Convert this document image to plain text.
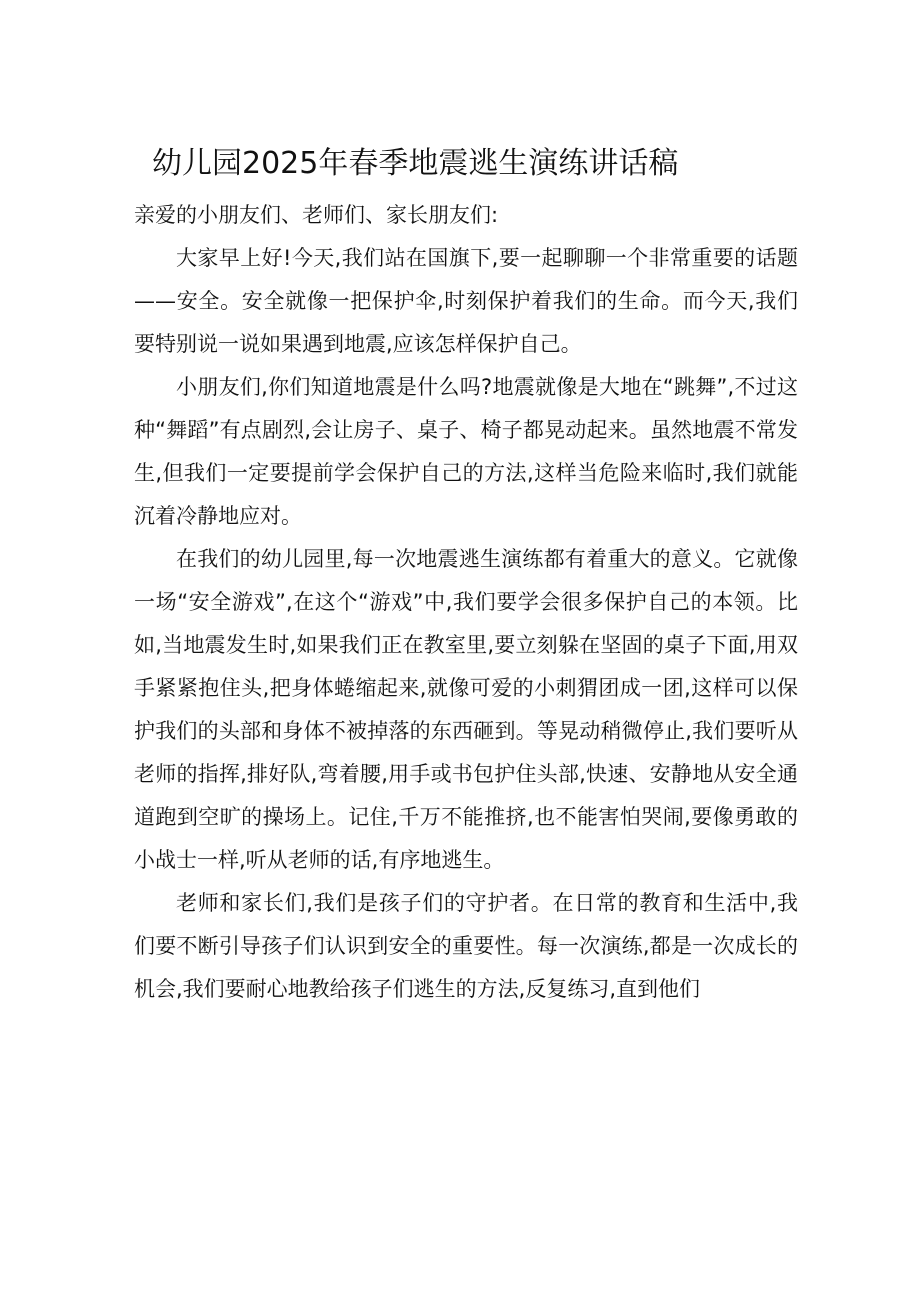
幼儿园2025年春季地震逃生演练讲话稿

亲爱的小朋友们、老师们、家长朋友们:

大家早上好!今天,我们站在国旗下,要一起聊聊一个非常重要的话题——安全。安全就像一把保护伞,时刻保护着我们的生命。而今天,我们要特别说一说如果遇到地震,应该怎样保护自己。

小朋友们,你们知道地震是什么吗?地震就像是大地在“跳舞”,不过这种“舞蹈”有点剧烈,会让房子、桌子、椅子都晃动起来。虽然地震不常发生,但我们一定要提前学会保护自己的方法,这样当危险来临时,我们就能沉着冷静地应对。

在我们的幼儿园里,每一次地震逃生演练都有着重大的意义。它就像一场“安全游戏”,在这个“游戏”中,我们要学会很多保护自己的本领。比如,当地震发生时,如果我们正在教室里,要立刻躲在坚固的桌子下面,用双手紧紧抱住头,把身体蜷缩起来,就像可爱的小刺猬团成一团,这样可以保护我们的头部和身体不被掉落的东西砸到。等晃动稍微停止,我们要听从老师的指挥,排好队,弯着腰,用手或书包护住头部,快速、安静地从安全通道跑到空旷的操场上。记住,千万不能推挤,也不能害怕哭闹,要像勇敢的小战士一样,听从老师的话,有序地逃生。

老师和家长们,我们是孩子们的守护者。在日常的教育和生活中,我们要不断引导孩子们认识到安全的重要性。每一次演练,都是一次成长的机会,我们要耐心地教给孩子们逃生的方法,反复练习,直到他们
